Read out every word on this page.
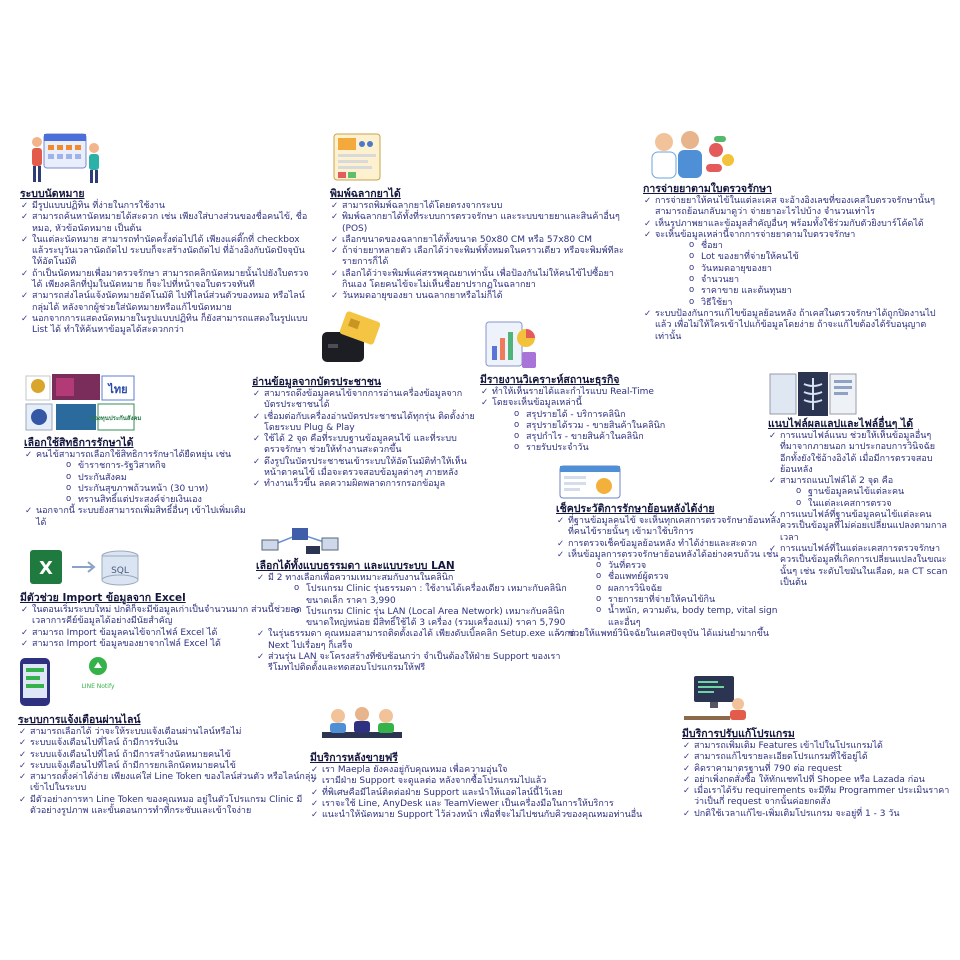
ระบบนัดหมาย
✓ มีรูปแบบปฏิทิน ที่ง่ายในการใช้งาน
✓ สามารถค้นหานัดหมายได้สะดวก เช่น เพียงใส่บางส่วนของชื่อคนไข้, ชื่อหมอ, หัวข้อนัดหมาย เป็นต้น
✓ ในแต่ละนัดหมาย สามารถทำนัดครั้งต่อไปได้ เพียงแค่ติ๊กที่ checkbox แล้วระบุวันเวลานัดถัดไป ระบบก็จะสร้างนัดถัดไป ที่อ้างอิงกับนัดปัจจุบันให้อัตโนมัติ
✓ ถ้าเป็นนัดหมายเพื่อมาตรวจรักษา สามารถคลิกนัดหมายนั้นไปยังใบตรวจได้ เพียงคลิกที่ปุ่มในนัดหมาย ก็จะไปที่หน้าจอใบตรวจทันที
✓ สามารถส่งไลน์แจ้งนัดหมายอัตโนมัติ ไปที่ไลน์ส่วนตัวของหมอ หรือไลน์กลุ่มได้ หลังจากผู้ช่วยใส่นัดหมายหรือแก้ไขนัดหมาย
✓ นอกจากการแสดงนัดหมายในรูปแบบปฏิทิน ก็ยังสามารถแสดงในรูปแบบ List ได้ ทำให้ค้นหาข้อมูลได้สะดวกกว่า
พิมพ์ฉลากยาได้
✓ สามารถพิมพ์ฉลากยาได้โดยตรงจากระบบ
✓ พิมพ์ฉลากยาได้ทั้งที่ระบบการตรวจรักษา และระบบขายยาและสินค้าอื่นๆ (POS)
✓ เลือกขนาดของฉลากยาได้ทั้งขนาด 50x80 CM หรือ 57x80 CM
✓ ถ้าจ่ายยาหลายตัว เลือกได้ว่าจะพิมพ์ทั้งหมดในคราวเดียว หรือจะพิมพ์ทีละรายการก็ได้
✓ เลือกได้ว่าจะพิมพ์แค่สรรพคุณยาเท่านั้น เพื่อป้องกันไม่ให้คนไข้ไปซื้อยากินเอง โดยคนไข้จะไม่เห็นชื่อยาปรากฏในฉลากยา
✓ วันหมดอายุของยา บนฉลากยาหรือไม่ก็ได้
การจ่ายยาตามใบตรวจรักษา
✓ การจ่ายยาให้คนไข้ในแต่ละเคส จะอ้างอิงเลขที่ของเคสใบตรวจรักษานั้นๆ สามารถย้อนกลับมาดูว่า จ่ายยาอะไรไปบ้าง จำนวนเท่าไร
✓ เห็นรูปภาพยาและข้อมูลสำคัญอื่นๆ พร้อมทั้งใช้ร่วมกับตัวยิงบาร์โค้ดได้
✓ จะเห็นข้อมูลเหล่านี้จากการจ่ายยาตามใบตรวจรักษา
o ชื่อยา
o Lot ของยาที่จ่ายให้คนไข้
o วันหมดอายุของยา
o จำนวนยา
o ราคาขาย และต้นทุนยา
o วิธีใช้ยา
✓ ระบบป้องกันการแก้ไขข้อมูลย้อนหลัง ถ้าเคสในตรวจรักษาได้ถูกปิดงานไปแล้ว เพื่อไม่ให้ใครเข้าไปแก้ข้อมูลโดยง่าย ถ้าจะแก้ไขต้องได้รับอนุญาตเท่านั้น
ไทย
กองทุนประกันสังคม
เลือกใช้สิทธิการรักษาได้
✓ คนไข้สามารถเลือกใช้สิทธิการรักษาได้ยืดหยุ่น เช่น
o ข้าราชการ-รัฐวิสาหกิจ
o ประกันสังคม
o ประกันสุขภาพถ้วนหน้า (30 บาท)
o ทรานสิทธิ์แต่ประสงค์จ่ายเงินเอง
✓ นอกจากนี้ ระบบยังสามารถเพิ่มสิทธิ์อื่นๆ เข้าไปเพิ่มเติมได้
อ่านข้อมูลจากบัตรประชาชน
✓ สามารถดึงข้อมูลคนไข้จากการอ่านเครื่องข้อมูลจากบัตรประชาชนได้
✓ เชื่อมต่อกับเครื่องอ่านบัตรประชาชนได้ทุกรุ่น ติดตั้งง่าย โดยระบบ Plug & Play
✓ ใช้ได้ 2 จุด คือที่ระบบฐานข้อมูลคนไข้ และที่ระบบตรวจรักษา ช่วยให้ทำงานสะดวกขึ้น
✓ ดึงรูปในบัตรประชาชนเข้าระบบให้อัตโนมัติทำให้เห็นหน้าตาคนไข้ เมื่อจะตรวจสอบข้อมูลต่างๆ ภายหลัง
✓ ทำงานเร็วขึ้น ลดความผิดพลาดการกรอกข้อมูล
มีรายงานวิเคราะห์สถานะธุรกิจ
✓ ทำให้เห็นรายได้และกำไรแบบ Real-Time
✓ โดยจะเห็นข้อมูลเหล่านี้
o สรุปรายได้ - บริการคลินิก
o สรุปรายได้รวม - ขายสินค้าในคลินิก
o สรุปกำไร - ขายสินค้าในคลินิก
o รายรับประจำวัน
แนบไฟล์ผลแลปและไฟล์อื่นๆ ได้
✓ การแนบไฟล์แนบ ช่วยให้เห็นข้อมูลอื่นๆ ที่มาจากภายนอก มาประกอบการวินิจฉัย อีกทั้งยังใช้อ้างอิงได้ เมื่อมีการตรวจสอบย้อนหลัง
✓ สามารถแนบไฟล์ได้ 2 จุด คือ
o ฐานข้อมูลคนไข้แต่ละคน
o ในแต่ละเคสการตรวจ
✓ การแนบไฟล์ที่ฐานข้อมูลคนไข้แต่ละคน ควรเป็นข้อมูลที่ไม่ค่อยเปลี่ยนแปลงตามกาลเวลา
✓ การแนบไฟล์ที่ในแต่ละเคสการตรวจรักษา ควรเป็นข้อมูลที่เกิดการเปลี่ยนแปลงในขณะนั้นๆ เช่น ระดับไขมันในเลือด, ผล CT scan เป็นต้น
เช็คประวัติการรักษาย้อนหลังได้ง่าย
✓ ที่ฐานข้อมูลคนไข้ จะเห็นทุกเคสการตรวจรักษาย้อนหลัง ที่คนไข้รายนั้นๆ เข้ามาใช้บริการ
✓ การตรวจเช็คข้อมูลย้อนหลัง ทำได้ง่ายและสะดวก
✓ เห็นข้อมูลการตรวจรักษาย้อนหลังได้อย่างครบถ้วน เช่น
o วันที่ตรวจ
o ชื่อแพทย์ผู้ตรวจ
o ผลการวินิจฉัย
o รายการยาที่จ่ายให้คนไข้กิน
o น้ำหนัก, ความดัน, body temp, vital sign และอื่นๆ
✓ ช่วยให้แพทย์วินิจฉัยในเคสปัจจุบัน ได้แม่นยำมากขึ้น
เลือกได้ทั้งแบบธรรมดา และแบบระบบ LAN
✓ มี 2 ทางเลือกเพื่อความเหมาะสมกับงานในคลินิก
o โปรแกรม Clinic รุ่นธรรมดา : ใช้งานได้เครื่องเดียว เหมาะกับคลินิกขนาดเล็ก ราคา 3,990
o โปรแกรม Clinic รุ่น LAN (Local Area Network) เหมาะกับคลินิกขนาดใหญ่หน่อย มีสิทธิ์ใช้ได้ 3 เครื่อง (รวมเครื่องแม่) ราคา 5,790
✓ ในรุ่นธรรมดา คุณหมอสามารถติดตั้งเองได้ เพียงดับเบิ้ลคลิก Setup.exe แล้วกด Next ไปเรื่อยๆ ก็เสร็จ
✓ ส่วนรุ่น LAN จะโครงสร้างที่ซับซ้อนกว่า จำเป็นต้องให้ฝ่าย Support ของเรารีโมทไปติดตั้งและทดสอบโปรแกรมให้ฟรี
X	SQL
มีตัวช่วย Import ข้อมูลจาก Excel
✓ ในตอนเริ่มระบบใหม่ ปกติก็จะมีข้อมูลเก่าเป็นจำนวนมาก ส่วนนี้ช่วยลดเวลาการคีย์ข้อมูลได้อย่างมีนัยสำคัญ
✓ สามารถ Import ข้อมูลคนไข้จากไฟล์ Excel ได้
✓ สามารถ Import ข้อมูลของยาจากไฟล์ Excel ได้
LINE Notify
ระบบการแจ้งเตือนผ่านไลน์
✓ สามารถเลือกได้ ว่าจะให้ระบบแจ้งเตือนผ่านไลน์หรือไม่
✓ ระบบแจ้งเตือนไปที่ไลน์ ถ้ามีการรับเงิน
✓ ระบบแจ้งเตือนไปที่ไลน์ ถ้ามีการสร้างนัดหมายคนไข้
✓ ระบบแจ้งเตือนไปที่ไลน์ ถ้ามีการยกเลิกนัดหมายคนไข้
✓ สามารถตั้งค่าได้ง่าย เพียงแค่ใส่ Line Token ของไลน์ส่วนตัว หรือไลน์กลุ่มเข้าไปในระบบ
✓ มีตัวอย่างการหา Line Token ของคุณหมอ อยู่ในตัวโปรแกรม Clinic มีตัวอย่างรูปภาพ และขั้นตอนการทำที่กระชับและเข้าใจง่าย
มีบริการหลังขายฟรี
✓ เรา Maepla ยังคงอยู่กับคุณหมอ เพื่อความอุ่นใจ
✓ เรามีฝ่าย Support จะดูแลต่อ หลังจากซื้อโปรแกรมไปแล้ว
✓ ที่พิเศษคือมีไลน์ติดต่อฝ่าย Support และนำให้แอดไลน์นี้ไว้เลย
✓ เราจะใช้ Line, AnyDesk และ TeamViewer เป็นเครื่องมือในการให้บริการ
✓ แนะนำให้นัดหมาย Support ไว้ล่วงหน้า เพื่อที่จะไม่ไปชนกับคิวของคุณหมอท่านอื่น
มีบริการปรับแก้โปรแกรม
✓ สามารถเพิ่มเติม Features เข้าไปในโปรแกรมได้
✓ สามารถแก้ไขรายละเอียดโปรแกรมที่ใช้อยู่ได้
✓ คิดราคามาตรฐานที่ 790 ต่อ request
✓ อย่าเพิ่งกดสั่งซื้อ ให้ทักแชทไปที่ Shopee หรือ Lazada ก่อน
✓ เมื่อเราได้รับ requirements จะมีทีม Programmer ประเมินราคาว่าเป็นกี่ request จากนั้นค่อยกดสั่ง
✓ ปกติใช้เวลาแก้ไข-เพิ่มเติมโปรแกรม จะอยู่ที่ 1 - 3 วัน
